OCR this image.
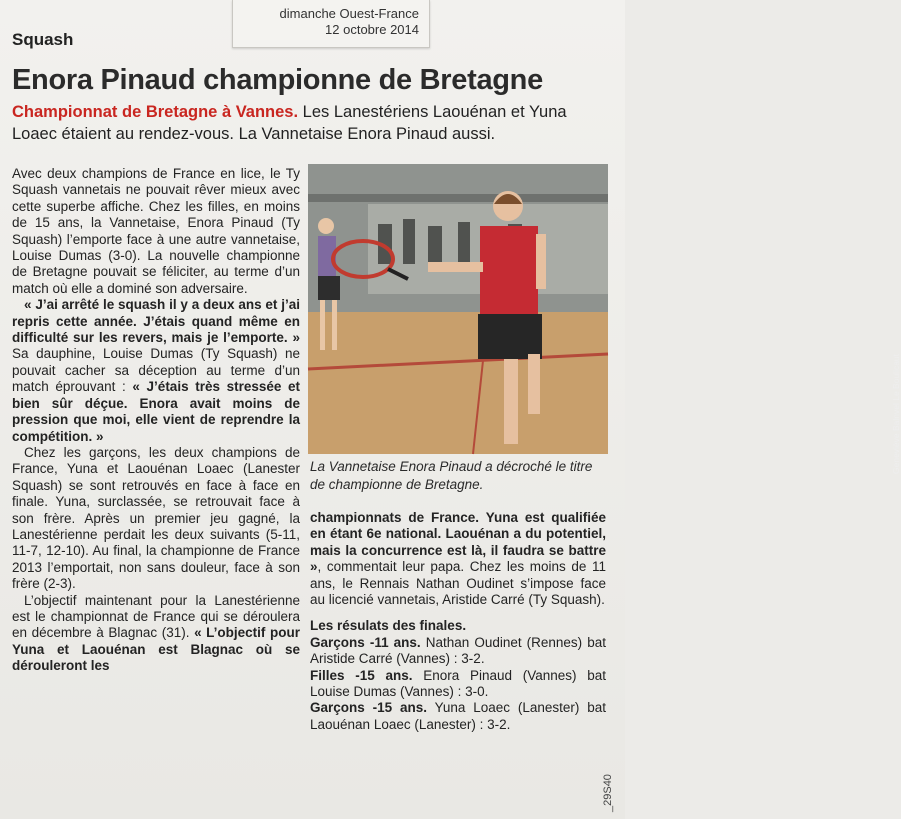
dimanche Ouest-France
12 octobre 2014
Squash
Enora Pinaud championne de Bretagne
Championnat de Bretagne à Vannes. Les Lanestériens Laouénan et Yuna Loaec étaient au rendez-vous. La Vannetaise Enora Pinaud aussi.

Avec deux champions de France en lice, le Ty Squash vannetais ne pouvait rêver mieux avec cette superbe affiche. Chez les filles, en moins de 15 ans, la Vannetaise, Enora Pinaud (Ty Squash) l’emporte face à une autre vannetaise, Louise Dumas (3-0). La nouvelle championne de Bretagne pouvait se féliciter, au terme d’un match où elle a dominé son adversaire.

« J’ai arrêté le squash il y a deux ans et j’ai repris cette année. J’étais quand même en difficulté sur les revers, mais je l’emporte. » Sa dauphine, Louise Dumas (Ty Squash) ne pouvait cacher sa déception au terme d’un match éprouvant : « J’étais très stressée et bien sûr déçue. Enora avait moins de pression que moi, elle vient de reprendre la compétition. »

Chez les garçons, les deux champions de France, Yuna et Laouénan Loaec (Lanester Squash) se sont retrouvés en face à face en finale. Yuna, surclassée, se retrouvait face à son frère. Après un premier jeu gagné, la Lanestérienne perdait les deux suivants (5-11, 11-7, 12-10). Au final, la championne de France 2013 l’emportait, non sans douleur, face à son frère (2-3).

L’objectif maintenant pour la Lanestérienne est le championnat de France qui se déroulera en décembre à Blagnac (31). « L’objectif pour Yuna et Laouénan est Blagnac où se dérouleront les

Geneviève Balnvel Le Boulicaut
La Vannetaise Enora Pinaud a décroché le titre de championne de Bretagne.

championnats de France. Yuna est qualifiée en étant 6e national. Laouénan a du potentiel, mais la concurrence est là, il faudra se battre », commentait leur papa. Chez les moins de 11 ans, le Rennais Nathan Oudinet s’impose face au licencié vannetais, Aristide Carré (Ty Squash).

Les résulats des finales.

Garçons -11 ans. Nathan Oudinet (Rennes) bat Aristide Carré (Vannes) : 3-2.

Filles -15 ans. Enora Pinaud (Vannes) bat Louise Dumas (Vannes) : 3-0.

Garçons -15 ans. Yuna Loaec (Lanester) bat Laouénan Loaec (Lanester) : 3-2.

_29S40
